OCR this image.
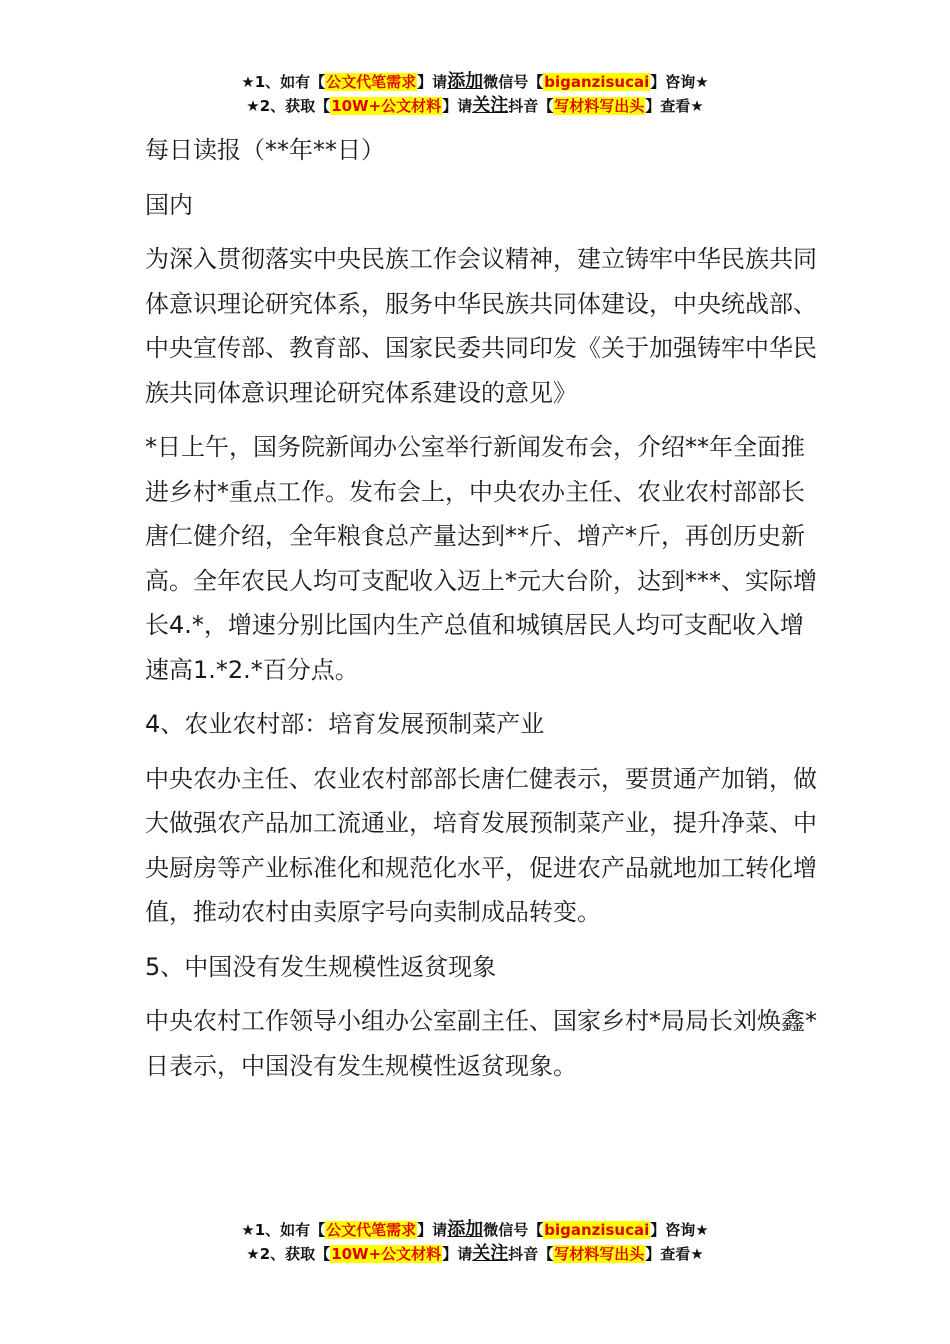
★1、如有【公文代笔需求】请添加微信号【biganzisucai】咨询★
★2、获取【10W+公文材料】请关注抖音【写材料写出头】查看★

每日读报（**年**日）

国内

为深入贯彻落实中央民族工作会议精神，建立铸牢中华民族共同体意识理论研究体系，服务中华民族共同体建设，中央统战部、中央宣传部、教育部、国家民委共同印发《关于加强铸牢中华民族共同体意识理论研究体系建设的意见》

*日上午，国务院新闻办公室举行新闻发布会，介绍**年全面推进乡村*重点工作。发布会上，中央农办主任、农业农村部部长唐仁健介绍，全年粮食总产量达到**斤、增产*斤，再创历史新高。全年农民人均可支配收入迈上*元大台阶，达到***、实际增长4.*，增速分别比国内生产总值和城镇居民人均可支配收入增速高1.*2.*百分点。

4、农业农村部：培育发展预制菜产业

中央农办主任、农业农村部部长唐仁健表示，要贯通产加销，做大做强农产品加工流通业，培育发展预制菜产业，提升净菜、中央厨房等产业标准化和规范化水平，促进农产品就地加工转化增值，推动农村由卖原字号向卖制成品转变。

5、中国没有发生规模性返贫现象

中央农村工作领导小组办公室副主任、国家乡村*局局长刘焕鑫*日表示，中国没有发生规模性返贫现象。

★1、如有【公文代笔需求】请添加微信号【biganzisucai】咨询★
★2、获取【10W+公文材料】请关注抖音【写材料写出头】查看★
